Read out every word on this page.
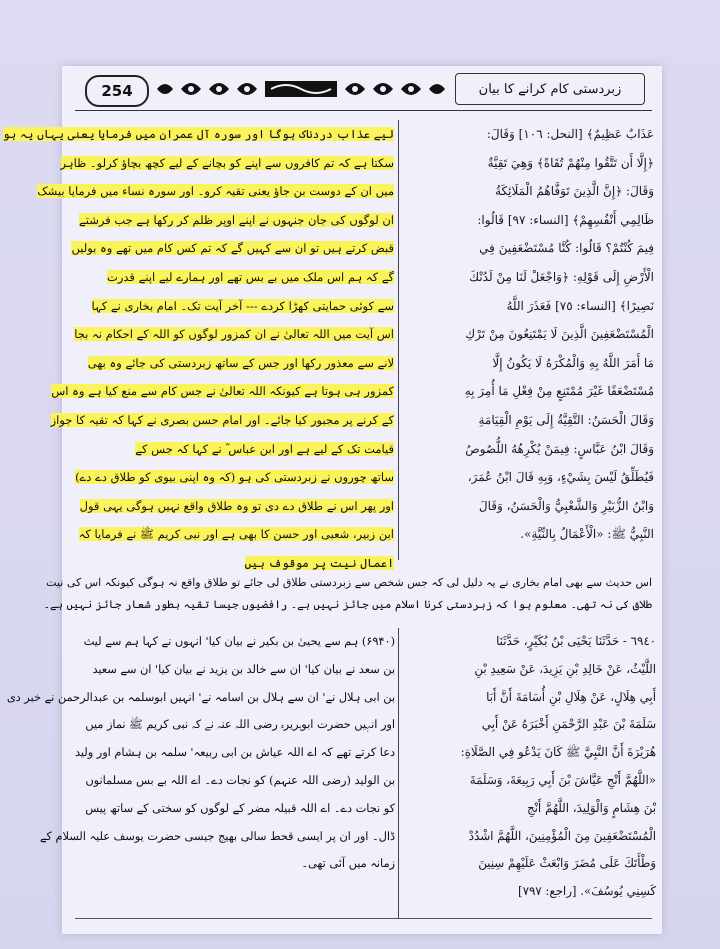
254	زبردستی کام کرانے کا بیان
لیے عذاب دردناک ہوگا اور سورہ آل عمران میں فرمایا یعنی یہاں یہ ہو
سکتا ہے کہ تم کافروں سے اپنے کو بچانے کے لیے کچھ بچاؤ کرلو۔ ظاہر
میں ان کے دوست بن جاؤ یعنی تقیہ کرو۔ اور سورہ نساء میں فرمایا بیشک
ان لوگوں کی جان جنہوں نے اپنے اوپر ظلم کر رکھا ہے جب فرشتے
قبض کرتے ہیں تو ان سے کہیں گے کہ تم کس کام میں تھے وہ بولیں
گے کہ ہم اس ملک میں بے بس تھے اور ہمارے لیے اپنے قدرت
سے کوئی حمایتی کھڑا کردے --- آخر آیت تک۔ امام بخاری نے کہا
اس آیت میں اللہ تعالیٰ نے ان کمزور لوگوں کو اللہ کے احکام نہ بجا
لانے سے معذور رکھا اور جس کے ساتھ زبردستی کی جائے وہ بھی
کمزور ہی ہوتا ہے کیونکہ اللہ تعالیٰ نے جس کام سے منع کیا ہے وہ اس
کے کرنے پر مجبور کیا جائے۔ اور امام حسن بصری نے کہا کہ تقیہ کا جواز
قیامت تک کے لیے ہے اور ابن عباس ؓ نے کہا کہ جس کے
ساتھ چوروں نے زبردستی کی ہو (کہ وہ اپنی بیوی کو طلاق دے دے)
اور پھر اس نے طلاق دے دی تو وہ طلاق واقع نہیں ہوگی یہی قول
ابن زبیر، شعبی اور حسن کا بھی ہے اور نبی کریم ﷺ نے فرمایا کہ
اعمال نیت پر موقوف ہیں
عَذَابٌ عَظِيمٌ﴾ [النحل: ١٠٦] وَقَالَ:
﴿إِلَّا أَن تَتَّقُوا مِنْهُمْ تُقَاةً﴾ وَهِيَ تَقِيَّةٌ
وَقَالَ: ﴿إِنَّ الَّذِينَ تَوَفَّاهُمُ الْمَلَائِكَةُ
ظَالِمِي أَنْفُسِهِمْ﴾ [النساء: ٩٧] قَالُوا:
فِيمَ كُنْتُمْ؟ قَالُوا: كُنَّا مُسْتَضْعَفِينَ فِي
الْأَرْضِ إِلَى قَوْلِهِ: ﴿وَاجْعَلْ لَنَا مِنْ لَدُنْكَ
نَصِيرًا﴾ [النساء: ٧٥] فَعَذَرَ اللَّهُ
الْمُسْتَضْعَفِينَ الَّذِينَ لَا يَمْتَنِعُونَ مِنْ تَرْكِ
مَا أَمَرَ اللَّهُ بِهِ وَالْمُكْرَهُ لَا يَكُونُ إِلَّا
مُسْتَضْعَفًا غَيْرَ مُمْتَنِعٍ مِنْ فِعْلِ مَا أُمِرَ بِهِ
وَقَالَ الْحَسَنُ: التَّقِيَّةُ إِلَى يَوْمِ الْقِيَامَةِ
وَقَالَ ابْنُ عَبَّاسٍ: فِيمَنْ يُكْرِهُهُ اللُّصُوصُ
فَيُطَلِّقُ لَيْسَ بِشَيْءٍ، وَبِهِ قَالَ ابْنُ عُمَرَ،
وَابْنُ الزُّبَيْرِ وَالشَّعْبِيُّ وَالْحَسَنُ، وَقَالَ
النَّبِيُّ ﷺ: «الْأَعْمَالُ بِالنِّيَّةِ».
اس حدیث سے بھی امام بخاری نے یہ دلیل لی کہ جس شخص سے زبردستی طلاق لی جائے تو طلاق واقع نہ ہوگی کیونکہ اس کی نیت
طلاق کی نہ تھی۔ معلوم ہوا کہ زبردستی کرنا اسلام میں جائز نہیں ہے۔ رافضیوں جیسا تقیہ بطور شعار جائز نہیں ہے۔
(۶۹۴۰) ہم سے یحییٰ بن بکیر نے بیان کیا' انہوں نے کہا ہم سے لیث
بن سعد نے بیان کیا' ان سے خالد بن یزید نے بیان کیا' ان سے سعید
بن ابی ہلال نے' ان سے ہلال بن اسامہ نے' انہیں ابوسلمہ بن عبدالرحمن نے خبر دی
اور انہیں حضرت ابوہریرہ رضی اللہ عنہ نے کہ نبی کریم ﷺ نماز میں
دعا کرتے تھے کہ اے اللہ عیاش بن ابی ربیعہ' سلمہ بن ہشام اور ولید
بن الولید (رضی اللہ عنہم) کو نجات دے۔ اے اللہ بے بس مسلمانوں
کو نجات دے۔ اے اللہ قبیلہ مضر کے لوگوں کو سختی کے ساتھ پیس
ڈال۔ اور ان پر ایسی قحط سالی بھیج جیسی حضرت یوسف علیہ السلام کے
زمانہ میں آئی تھی۔
٦٩٤٠ - حَدَّثَنَا يَحْيَى بْنُ بُكَيْرٍ، حَدَّثَنَا
اللَّيْثُ، عَنْ خَالِدِ بْنِ يَزِيدَ، عَنْ سَعِيدِ بْنِ
أَبِي هِلَالٍ، عَنْ هِلَالِ بْنِ أُسَامَةَ أَنَّ أَبَا
سَلَمَةَ بْنَ عَبْدِ الرَّحْمَنِ أَخْبَرَهُ عَنْ أَبِي
هُرَيْرَةَ أَنَّ النَّبِيَّ ﷺ كَانَ يَدْعُو فِي الصَّلَاةِ:
«اللَّهُمَّ أَنْجِ عَيَّاشَ بْنَ أَبِي رَبِيعَةَ، وَسَلَمَةَ
بْنَ هِشَامٍ وَالْوَلِيدَ، اللَّهُمَّ أَنْجِ
الْمُسْتَضْعَفِينَ مِنَ الْمُؤْمِنِينَ، اللَّهُمَّ اشْدُدْ
وَطْأَتَكَ عَلَى مُضَرَ وَابْعَثْ عَلَيْهِمْ سِنِينَ
كَسِنِي يُوسُفَ». [راجع: ٧٩٧]
